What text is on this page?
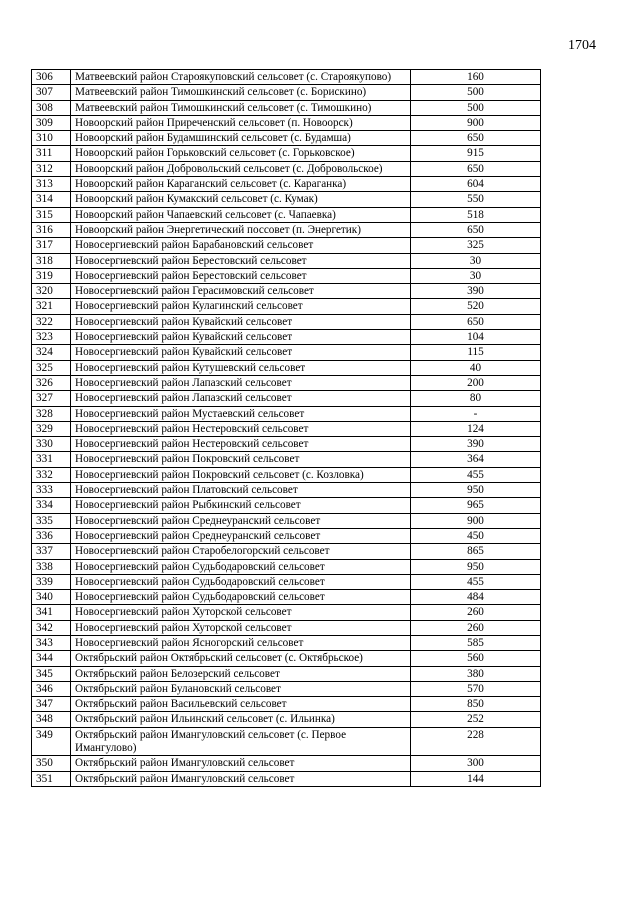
1704
306	Матвеевский район Староякуповский сельсовет (с. Староякупово)	160
307	Матвеевский район Тимошкинский сельсовет (с. Борискино)	500
308	Матвеевский район Тимошкинский сельсовет (с. Тимошкино)	500
309	Новоорский район Приреченский сельсовет (п. Новоорск)	900
310	Новоорский район Будамшинский сельсовет (с. Будамша)	650
311	Новоорский район Горьковский сельсовет (с. Горьковское)	915
312	Новоорский район Добровольский сельсовет (с. Добровольское)	650
313	Новоорский район Караганский сельсовет (с. Караганка)	604
314	Новоорский район Кумакский сельсовет (с. Кумак)	550
315	Новоорский район Чапаевский сельсовет (с. Чапаевка)	518
316	Новоорский район Энергетический поссовет (п. Энергетик)	650
317	Новосергиевский район Барабановский сельсовет	325
318	Новосергиевский район Берестовский сельсовет	30
319	Новосергиевский район Берестовский сельсовет	30
320	Новосергиевский район Герасимовский сельсовет	390
321	Новосергиевский район Кулагинский сельсовет	520
322	Новосергиевский район Кувайский сельсовет	650
323	Новосергиевский район Кувайский сельсовет	104
324	Новосергиевский район Кувайский сельсовет	115
325	Новосергиевский район Кутушевский сельсовет	40
326	Новосергиевский район Лапазский сельсовет	200
327	Новосергиевский район Лапазский сельсовет	80
328	Новосергиевский район Мустаевский сельсовет	-
329	Новосергиевский район Нестеровский сельсовет	124
330	Новосергиевский район Нестеровский сельсовет	390
331	Новосергиевский район Покровский сельсовет	364
332	Новосергиевский район Покровский сельсовет (с. Козловка)	455
333	Новосергиевский район Платовский сельсовет	950
334	Новосергиевский район Рыбкинский сельсовет	965
335	Новосергиевский район Среднеуранский сельсовет	900
336	Новосергиевский район Среднеуранский сельсовет	450
337	Новосергиевский район Старобелогорский сельсовет	865
338	Новосергиевский район Судьбодаровский сельсовет	950
339	Новосергиевский район Судьбодаровский сельсовет	455
340	Новосергиевский район Судьбодаровский сельсовет	484
341	Новосергиевский район Хуторской сельсовет	260
342	Новосергиевский район Хуторской сельсовет	260
343	Новосергиевский район Ясногорский сельсовет	585
344	Октябрьский район Октябрьский сельсовет (с. Октябрьское)	560
345	Октябрьский район Белозерский сельсовет	380
346	Октябрьский район Булановский сельсовет	570
347	Октябрьский район Васильевский сельсовет	850
348	Октябрьский район Ильинский сельсовет (с. Ильинка)	252
349	Октябрьский район Имангуловский сельсовет (с. Первое Имангулово)	228
350	Октябрьский район Имангуловский сельсовет	300
351	Октябрьский район Имангуловский сельсовет	144
